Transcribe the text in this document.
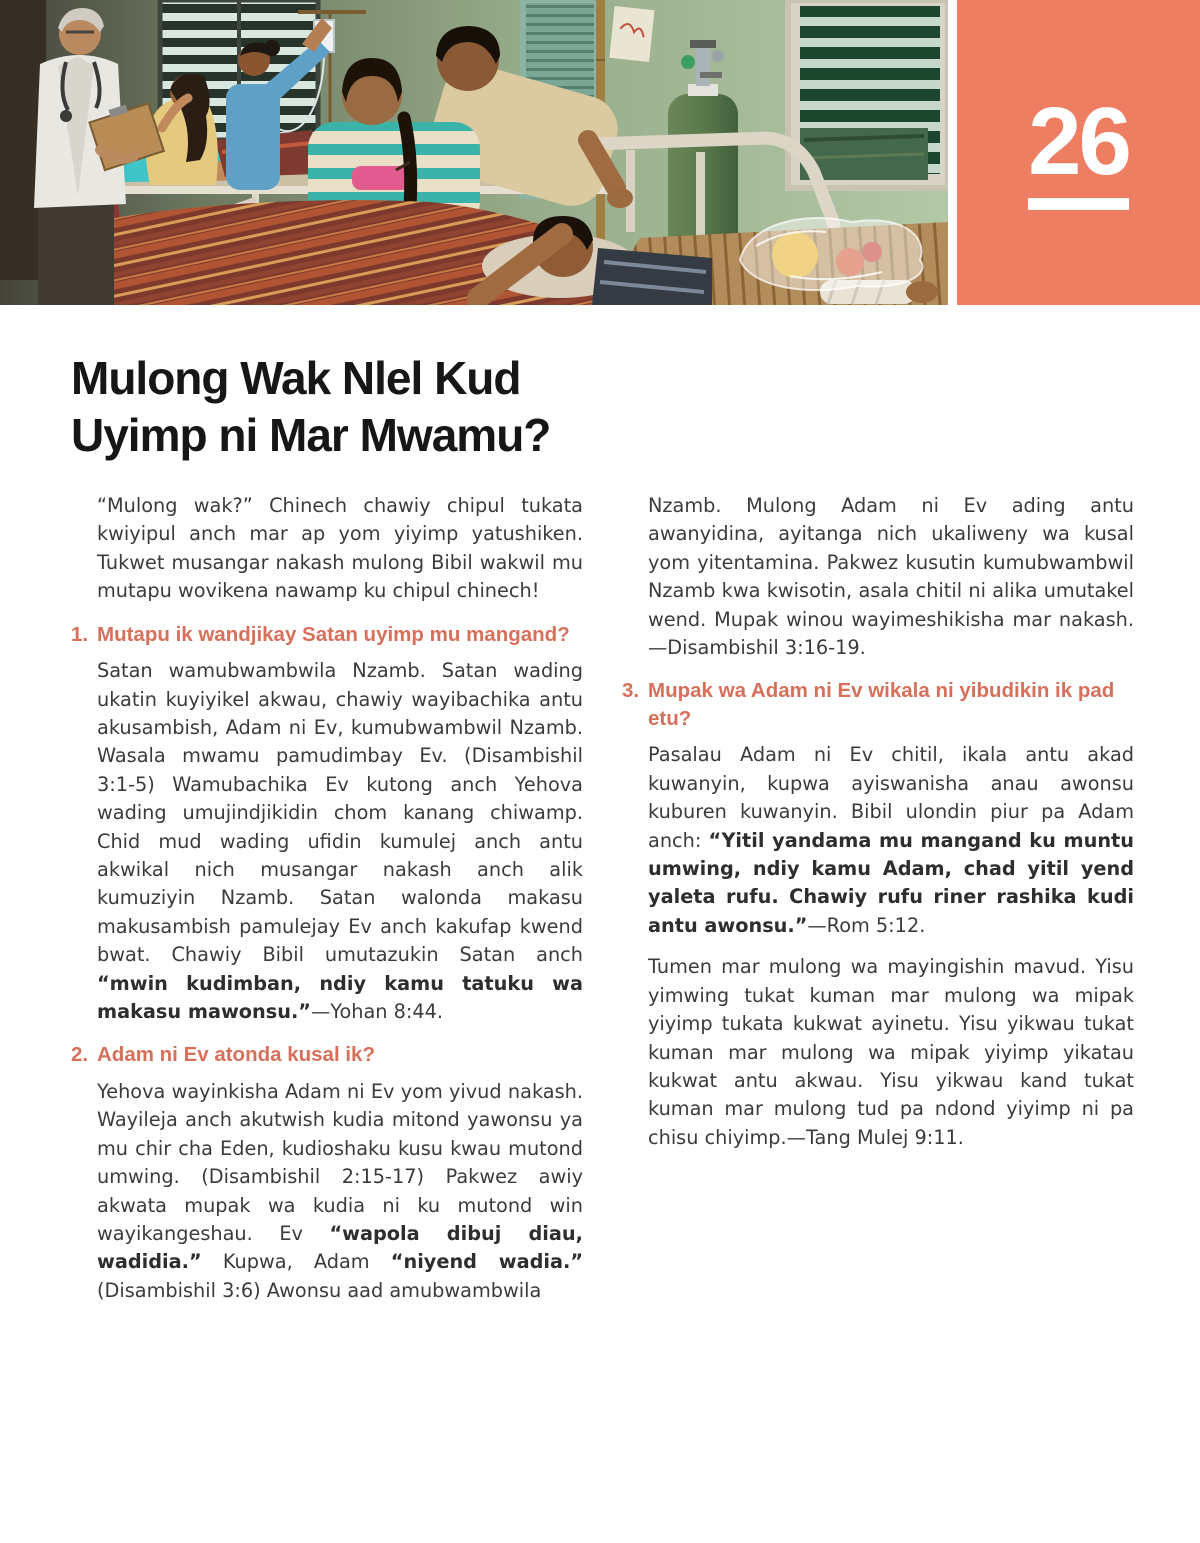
26
Mulong Wak Nlel Kud
Uyimp ni Mar Mwamu?

“Mulong wak?” Chinech chawiy chipul tukata kwiyipul anch mar ap yom yiyimp yatushiken. Tukwet musangar nakash mulong Bibil wakwil mu mutapu wovikena nawamp ku chipul chinech!

1. Mutapu ik wandjikay Satan uyimp mu mangand?

Satan wamubwambwila Nzamb. Satan wading ukatin kuyiyikel akwau, chawiy wayibachika antu akusambish, Adam ni Ev, kumubwambwil Nzamb. Wasala mwamu pamudimbay Ev. (Disambishil 3:1-5) Wamubachika Ev kutong anch Yehova wading umujindjikidin chom kanang chiwamp. Chid mud wading ufidin kumulej anch antu akwikal nich musangar nakash anch alik kumuziyin Nzamb. Satan walonda makasu makusambish pamulejay Ev anch kakufap kwend bwat. Chawiy Bibil umutazukin Satan anch “mwin kudimban, ndiy kamu tatuku wa makasu mawonsu.”—Yohan 8:44.

2. Adam ni Ev atonda kusal ik?

Yehova wayinkisha Adam ni Ev yom yivud nakash. Wayileja anch akutwish kudia mitond yawonsu ya mu chir cha Eden, kudioshaku kusu kwau mutond umwing. (Disambishil 2:15-17) Pakwez awiy akwata mupak wa kudia ni ku mutond win wayikangeshau. Ev “wapola dibuj diau, wadidia.” Kupwa, Adam “niyend wadia.” (Disambishil 3:6) Awonsu aad amubwambwila

Nzamb. Mulong Adam ni Ev ading antu awanyidina, ayitanga nich ukaliweny wa kusal yom yitentamina. Pakwez kusutin kumubwambwil Nzamb kwa kwisotin, asala chitil ni alika umutakel wend. Mupak winou wayimeshikisha mar nakash.—Disambishil 3:16-19.

3. Mupak wa Adam ni Ev wikala ni yibudikin ik pad etu?

Pasalau Adam ni Ev chitil, ikala antu akad kuwanyin, kupwa ayiswanisha anau awonsu kuburen kuwanyin. Bibil ulondin piur pa Adam anch: “Yitil yandama mu mangand ku muntu umwing, ndiy kamu Adam, chad yitil yend yaleta rufu. Chawiy rufu riner rashika kudi antu awonsu.”—Rom 5:12.

Tumen mar mulong wa mayingishin mavud. Yisu yimwing tukat kuman mar mulong wa mipak yiyimp tukata kukwat ayinetu. Yisu yikwau tukat kuman mar mulong wa mipak yiyimp yikatau kukwat antu akwau. Yisu yikwau kand tukat kuman mar mulong tud pa ndond yiyimp ni pa chisu chiyimp.—Tang Mulej 9:11.
